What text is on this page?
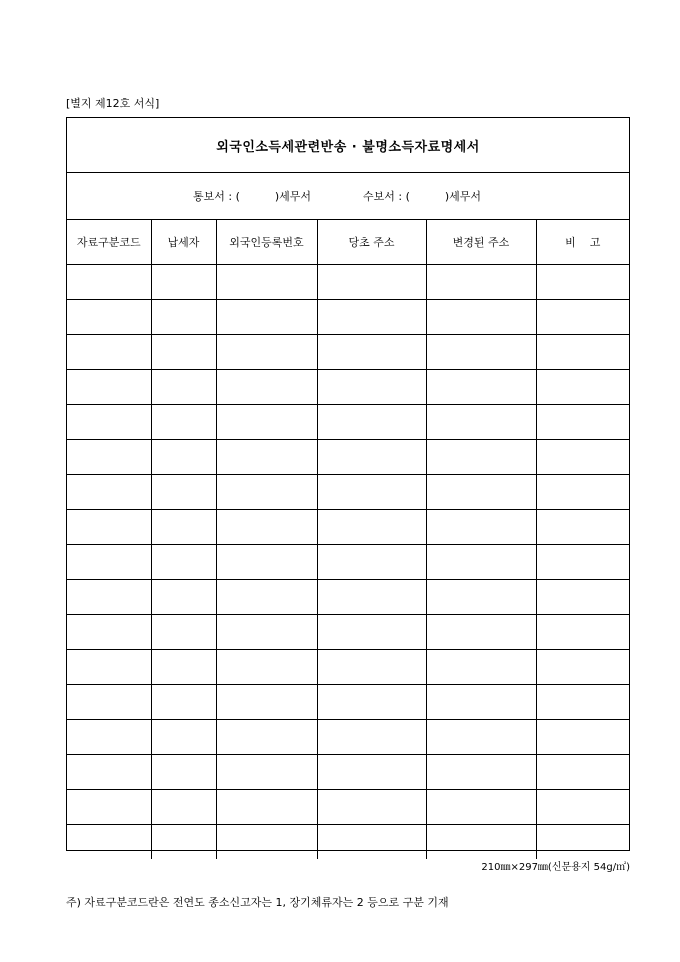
[별지 제12호 서식]
외국인소득세관련반송 · 불명소득자료명세서
통보서 : (          )세무서	수보서 : (          )세무서
자료구분코드	납세자	외국인등록번호	당초 주소	변경된 주소	비    고

210㎜×297㎜(신문용지 54g/㎡)
주) 자료구분코드란은 전연도 종소신고자는 1, 장기체류자는 2 등으로 구분 기재
